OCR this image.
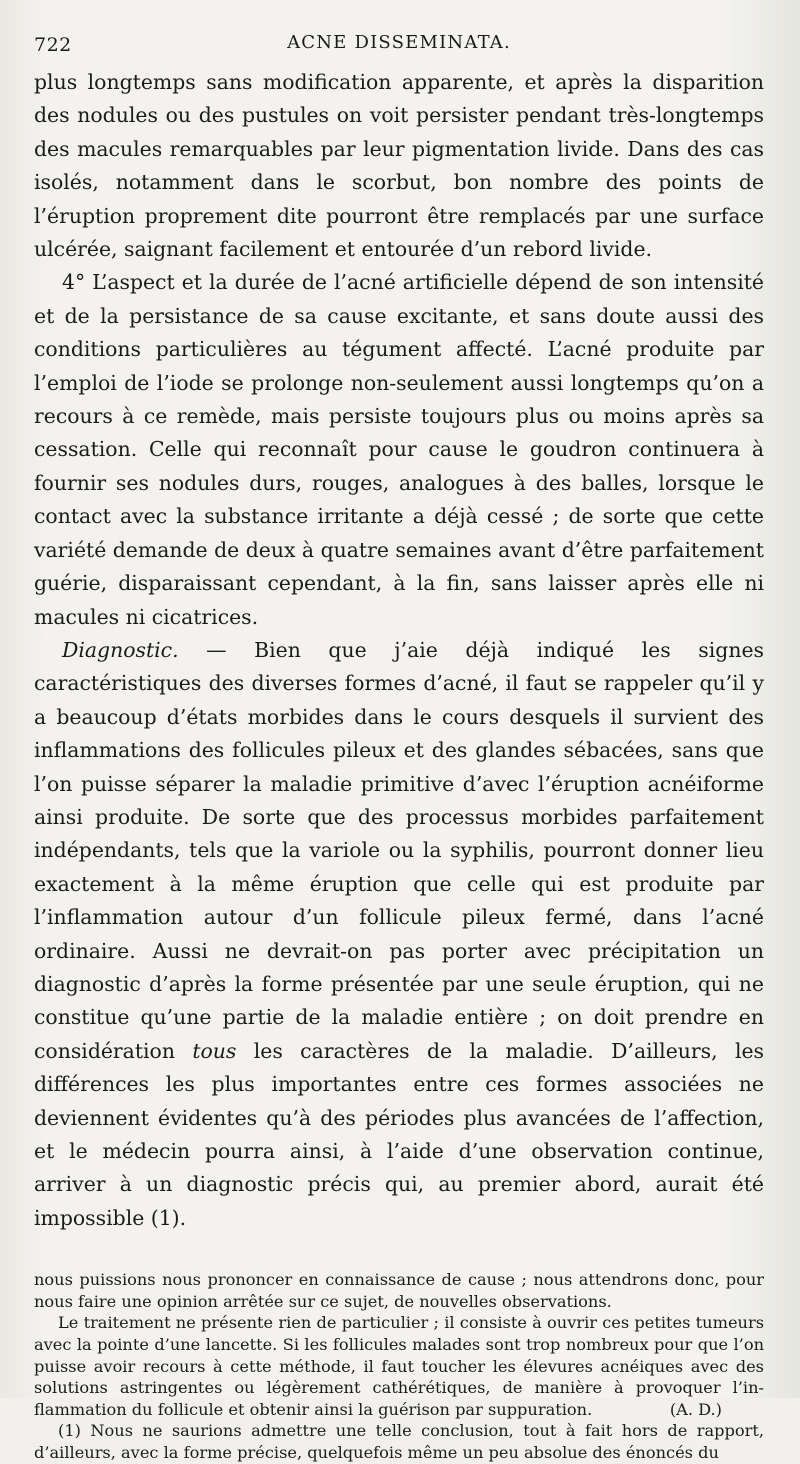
722	ACNE DISSEMINATA.

plus longtemps sans modification apparente, et après la disparition des nodules ou des pustules on voit persister pendant très-longtemps des macules remarquables par leur pigmentation livide. Dans des cas isolés, notamment dans le scorbut, bon nombre des points de l’éruption proprement dite pourront être remplacés par une surface ulcérée, saignant facilement et entourée d’un rebord livide.

4° L’aspect et la durée de l’acné artificielle dépend de son intensité et de la persistance de sa cause excitante, et sans doute aussi des conditions particulières au tégument affecté. L’acné produite par l’emploi de l’iode se prolonge non-seulement aussi longtemps qu’on a recours à ce remède, mais persiste toujours plus ou moins après sa cessation. Celle qui reconnaît pour cause le goudron continuera à fournir ses nodules durs, rouges, analogues à des balles, lorsque le contact avec la substance irritante a déjà cessé ; de sorte que cette variété demande de deux à quatre semaines avant d’être parfaitement guérie, disparaissant cependant, à la fin, sans laisser après elle ni macules ni cicatrices.

Diagnostic. — Bien que j’aie déjà indiqué les signes caractéristiques des diverses formes d’acné, il faut se rappeler qu’il y a beaucoup d’états morbides dans le cours desquels il survient des inflammations des follicules pileux et des glandes sébacées, sans que l’on puisse séparer la maladie primitive d’avec l’éruption acnéiforme ainsi produite. De sorte que des processus morbides parfaitement indépendants, tels que la variole ou la syphilis, pourront donner lieu exactement à la même éruption que celle qui est produite par l’inflammation autour d’un follicule pileux fermé, dans l’acné ordinaire. Aussi ne devrait-on pas porter avec précipitation un diagnostic d’après la forme présentée par une seule éruption, qui ne constitue qu’une partie de la maladie entière ; on doit prendre en considération tous les caractères de la maladie. D’ailleurs, les différences les plus importantes entre ces formes associées ne deviennent évidentes qu’à des périodes plus avancées de l’affection, et le médecin pourra ainsi, à l’aide d’une observation continue, arriver à un diagnostic précis qui, au premier abord, aurait été impossible (1).

nous puissions nous prononcer en connaissance de cause ; nous attendrons donc, pour nous faire une opinion arrêtée sur ce sujet, de nouvelles observations.

Le traitement ne présente rien de particulier ; il consiste à ouvrir ces petites tumeurs avec la pointe d’une lancette. Si les follicules malades sont trop nombreux pour que l’on puisse avoir recours à cette méthode, il faut toucher les élevures acnéiques avec des solutions astringentes ou légèrement cathérétiques, de manière à provoquer l’inflammation du follicule et obtenir ainsi la guérison par suppuration.	(A. D.)

(1) Nous ne saurions admettre une telle conclusion, tout à fait hors de rapport, d’ailleurs, avec la forme précise, quelquefois même un peu absolue des énoncés du
